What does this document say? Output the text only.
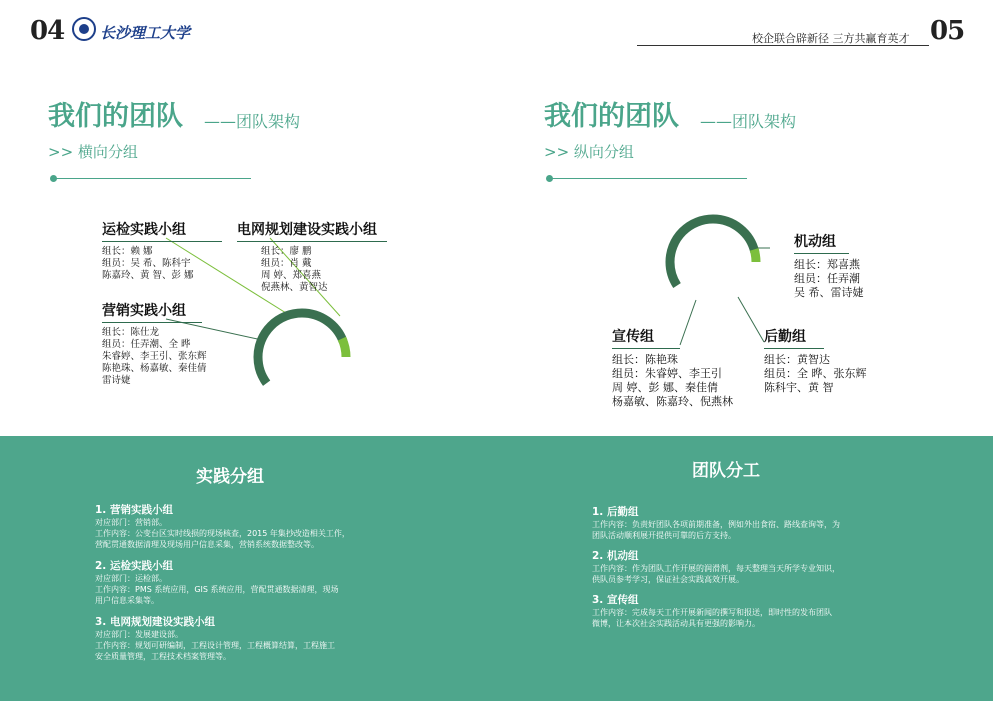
04 长沙理工大学	校企联合辟新径 三方共赢育英才 05
我们的团队 ——团队架构
>> 横向分组
运检实践小组
组长：赖 娜
组员：吴 希、陈科宇
陈嘉玲、黄 智、彭 娜
电网规划建设实践小组
组长：廖 鹏
组员：肖 戴
周 婷、郑喜燕
倪燕林、黄智达
营销实践小组
组长：陈仕龙
组员：任弄潮、全 晔
朱睿婷、李王引、张东辉
陈艳珠、杨嘉敏、秦佳倩
雷诗婕
我们的团队 ——团队架构
>> 纵向分组
机动组
组长：郑喜燕
组员：任弄潮
吴 希、雷诗婕
后勤组
组长：黄智达
组员：全 晔、张东辉
陈科宇、黄 智
宣传组
组长：陈艳珠
组员：朱睿婷、李王引
周 婷、彭 娜、秦佳倩
杨嘉敏、陈嘉玲、倪燕林
实践分组
1. 营销实践小组
对应部门：营销部。
工作内容：公变台区实时线损的现场核查，2015 年集抄改造相关工作，
营配贯通数据清理及现场用户信息采集，营销系统数据整改等。
2. 运检实践小组
对应部门：运检部。
工作内容：PMS 系统应用，GIS 系统应用，营配贯通数据清理，现场
用户信息采集等。
3. 电网规划建设实践小组
对应部门：发展建设部。
工作内容：规划可研编制，工程设计管理，工程概算结算，工程施工
安全质量管理，工程技术档案管理等。
团队分工
1. 后勤组
工作内容：负责好团队各项前期准备，例如外出食宿、路线查询等，为
团队活动顺利展开提供可靠的后方支持。
2. 机动组
工作内容：作为团队工作开展的润滑剂，每天整理当天所学专业知识，
供队员参考学习，保证社会实践高效开展。
3. 宣传组
工作内容：完成每天工作开展新闻的撰写和报送，即时性的发布团队
微博，让本次社会实践活动具有更强的影响力。
